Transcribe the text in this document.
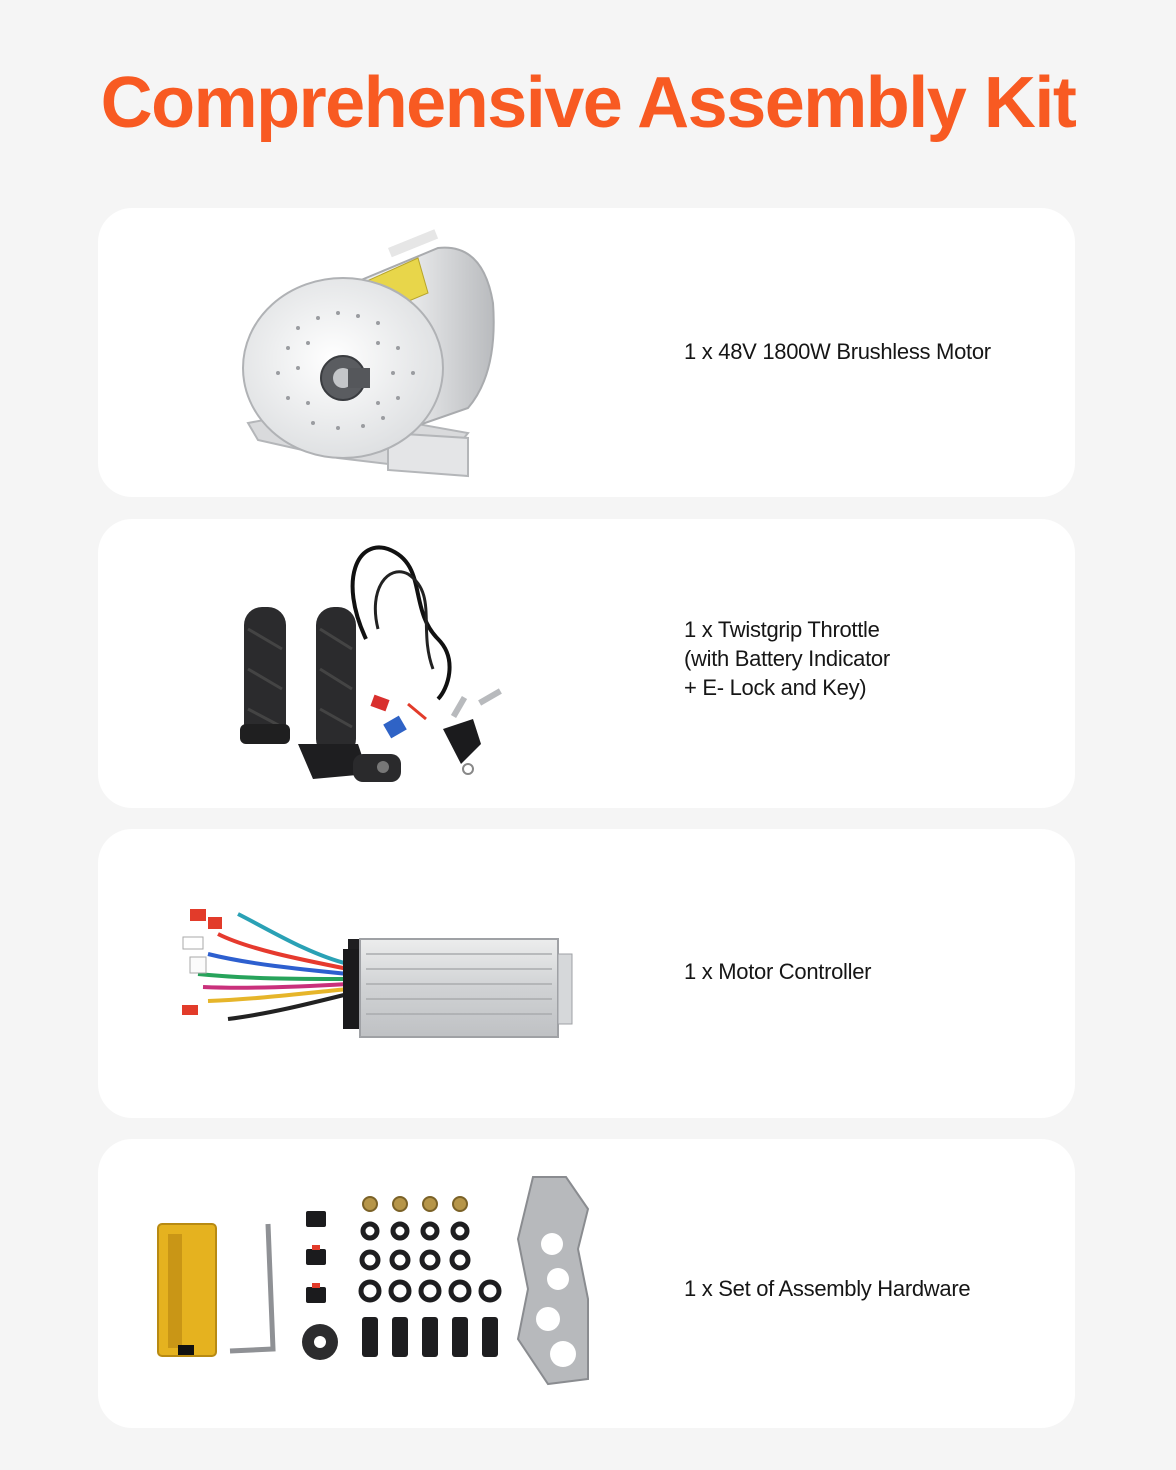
Comprehensive Assembly Kit
1 x 48V 1800W Brushless Motor
1 x Twistgrip Throttle
(with Battery Indicator
+ E- Lock and Key)
1 x Motor Controller
1 x Set of Assembly Hardware
